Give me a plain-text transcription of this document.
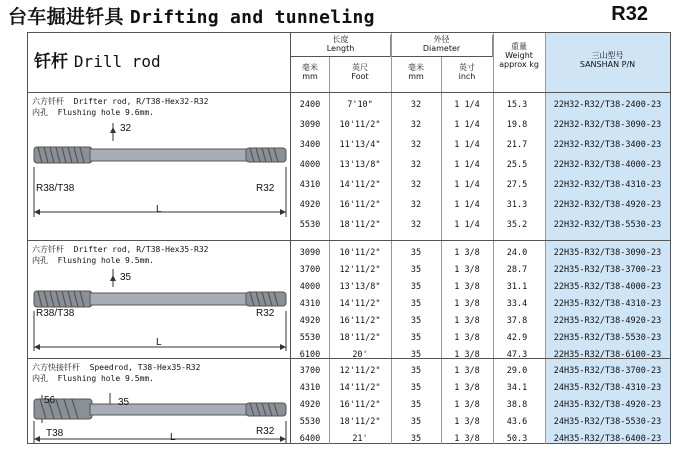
台车掘进钎具 Drifting and tunneling	R32
钎杆 Drill rod
长度
Length
外径
Diameter
毫米
mm
英尺
Foot
毫米
mm
英寸
inch
重量
Weight
approx kg
三山型号
SANSHAN P/N
六方钎杆  Drifter rod, R/T38-Hex32-R32
内孔  Flushing hole 9.6mm.
32
R38/T38	R32
L
2400	7'10"	32	1 1/4	15.3	22H32-R32/T38-2400-23
3090	10'11/2"	32	1 1/4	19.8	22H32-R32/T38-3090-23
3400	11'13/4"	32	1 1/4	21.7	22H32-R32/T38-3400-23
4000	13'13/8"	32	1 1/4	25.5	22H32-R32/T38-4000-23
4310	14'11/2"	32	1 1/4	27.5	22H32-R32/T38-4310-23
4920	16'11/2"	32	1 1/4	31.3	22H32-R32/T38-4920-23
5530	18'11/2"	32	1 1/4	35.2	22H32-R32/T38-5530-23
六方钎杆  Drifter rod, R/T38-Hex35-R32
内孔  Flushing hole 9.5mm.
35
R38/T38	R32
L
3090	10'11/2"	35	1 3/8	24.0	22H35-R32/T38-3090-23
3700	12'11/2"	35	1 3/8	28.7	22H35-R32/T38-3700-23
4000	13'13/8"	35	1 3/8	31.1	22H35-R32/T38-4000-23
4310	14'11/2"	35	1 3/8	33.4	22H35-R32/T38-4310-23
4920	16'11/2"	35	1 3/8	37.8	22H35-R32/T38-4920-23
5530	18'11/2"	35	1 3/8	42.9	22H35-R32/T38-5530-23
6100	20'	35	1 3/8	47.3	22H35-R32/T38-6100-23
六方快接钎杆  Speedrod, T38-Hex35-R32
内孔  Flushing hole 9.5mm.
56	35
T38	R32
L
3700	12'11/2"	35	1 3/8	29.0	24H35-R32/T38-3700-23
4310	14'11/2"	35	1 3/8	34.1	24H35-R32/T38-4310-23
4920	16'11/2"	35	1 3/8	38.8	24H35-R32/T38-4920-23
5530	18'11/2"	35	1 3/8	43.6	24H35-R32/T38-5530-23
6400	21'	35	1 3/8	50.3	24H35-R32/T38-6400-23
